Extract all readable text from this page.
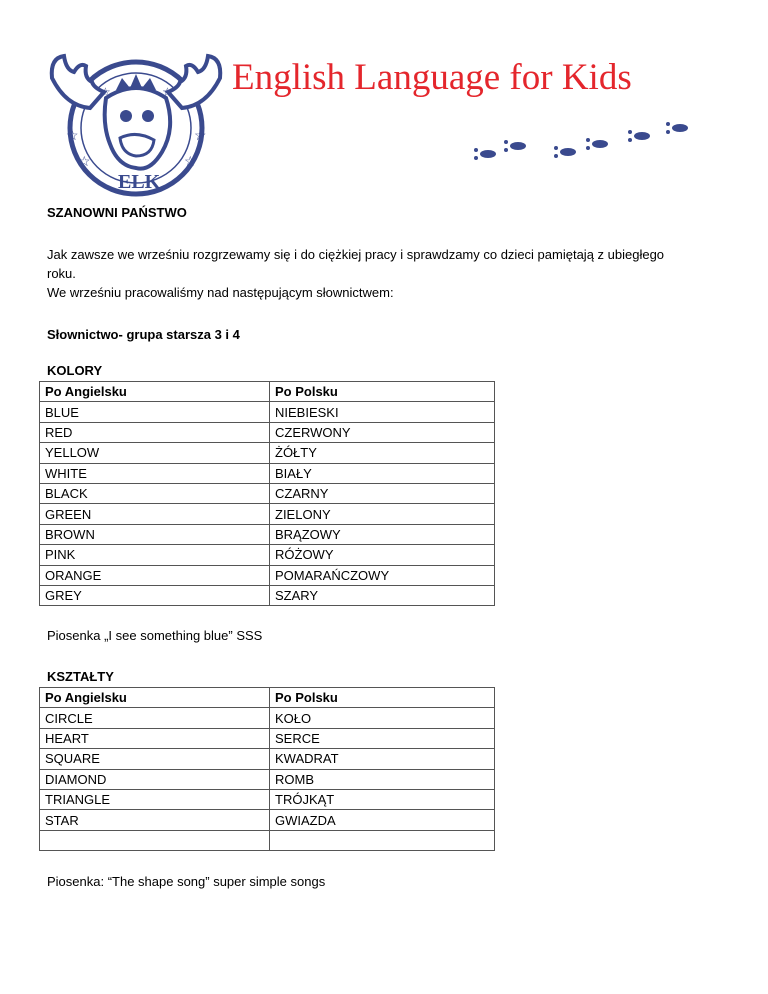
☆
☆
☆
☆
☆
☆
ELK
English Language for Kids
SZANOWNI PAŃSTWO
Jak zawsze we wrześniu rozgrzewamy się i do ciężkiej pracy i sprawdzamy co dzieci pamiętają z ubiegłego
roku.
We wrześniu pracowaliśmy nad następującym słownictwem:
Słownictwo- grupa starsza 3 i 4
KOLORY
Po Angielsku	Po Polsku
BLUE	NIEBIESKI
RED	CZERWONY
YELLOW	ŻÓŁTY
WHITE	BIAŁY
BLACK	CZARNY
GREEN	ZIELONY
BROWN	BRĄZOWY
PINK	RÓŻOWY
ORANGE	POMARAŃCZOWY
GREY	SZARY
Piosenka „I see something blue” SSS
KSZTAŁTY
Po Angielsku	Po Polsku
CIRCLE	KOŁO
HEART	SERCE
SQUARE	KWADRAT
DIAMOND	ROMB
TRIANGLE	TRÓJKĄT
STAR	GWIAZDA

Piosenka: “The shape song” super simple songs
